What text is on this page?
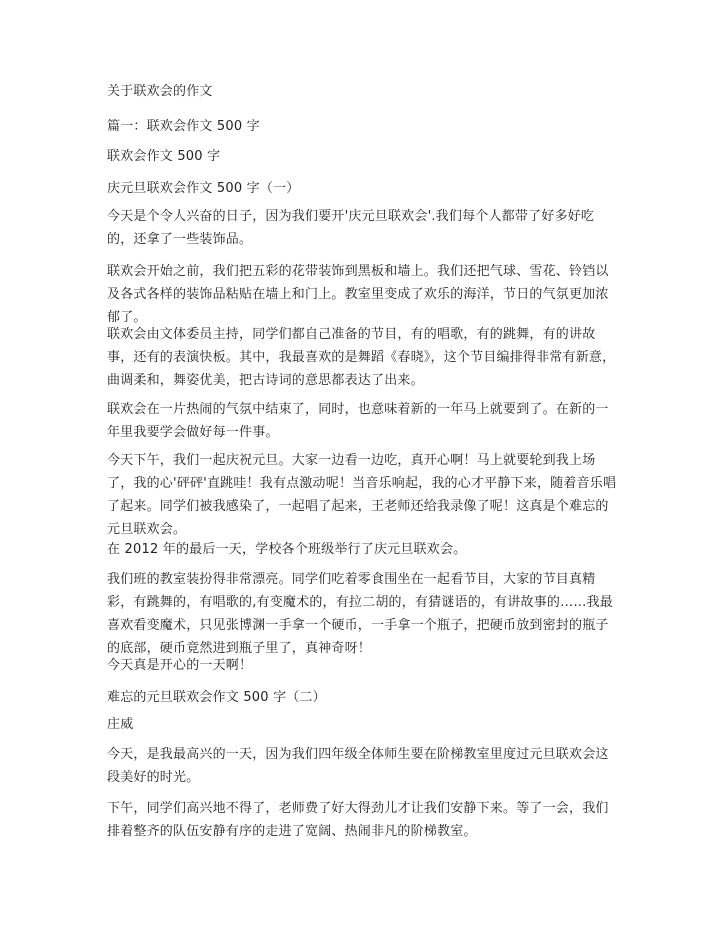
关于联欢会的作文

篇一：联欢会作文 500 字

联欢会作文 500 字

庆元旦联欢会作文 500 字（一）

今天是个令人兴奋的日子，因为我们要开'庆元旦联欢会'.我们每个人都带了好多好吃的，还拿了一些装饰品。

联欢会开始之前，我们把五彩的花带装饰到黑板和墙上。我们还把气球、雪花、铃铛以及各式各样的装饰品粘贴在墙上和门上。教室里变成了欢乐的海洋，节日的气氛更加浓郁了。

联欢会由文体委员主持，同学们都自己准备的节目，有的唱歌，有的跳舞，有的讲故事，还有的表演快板。其中，我最喜欢的是舞蹈《春晓》，这个节目编排得非常有新意，曲调柔和，舞姿优美，把古诗词的意思都表达了出来。

联欢会在一片热闹的气氛中结束了，同时，也意味着新的一年马上就要到了。在新的一年里我要学会做好每一件事。

今天下午，我们一起庆祝元旦。大家一边看一边吃，真开心啊！马上就要轮到我上场了，我的心'砰砰'直跳哇！我有点激动呢！当音乐响起，我的心才平静下来，随着音乐唱了起来。同学们被我感染了，一起唱了起来，王老师还给我录像了呢！这真是个难忘的元旦联欢会。

在 2012 年的最后一天，学校各个班级举行了庆元旦联欢会。

我们班的教室装扮得非常漂亮。同学们吃着零食围坐在一起看节目，大家的节目真精彩，有跳舞的，有唱歌的,有变魔术的，有拉二胡的，有猜谜语的，有讲故事的……我最喜欢看变魔术，只见张博渊一手拿一个硬币，一手拿一个瓶子，把硬币放到密封的瓶子的底部，硬币竟然进到瓶子里了，真神奇呀！

今天真是开心的一天啊！

难忘的元旦联欢会作文 500 字（二）

庄威

今天，是我最高兴的一天，因为我们四年级全体师生要在阶梯教室里度过元旦联欢会这段美好的时光。

下午，同学们高兴地不得了，老师费了好大得劲儿才让我们安静下来。等了一会，我们排着整齐的队伍安静有序的走进了宽阔、热闹非凡的阶梯教室。
